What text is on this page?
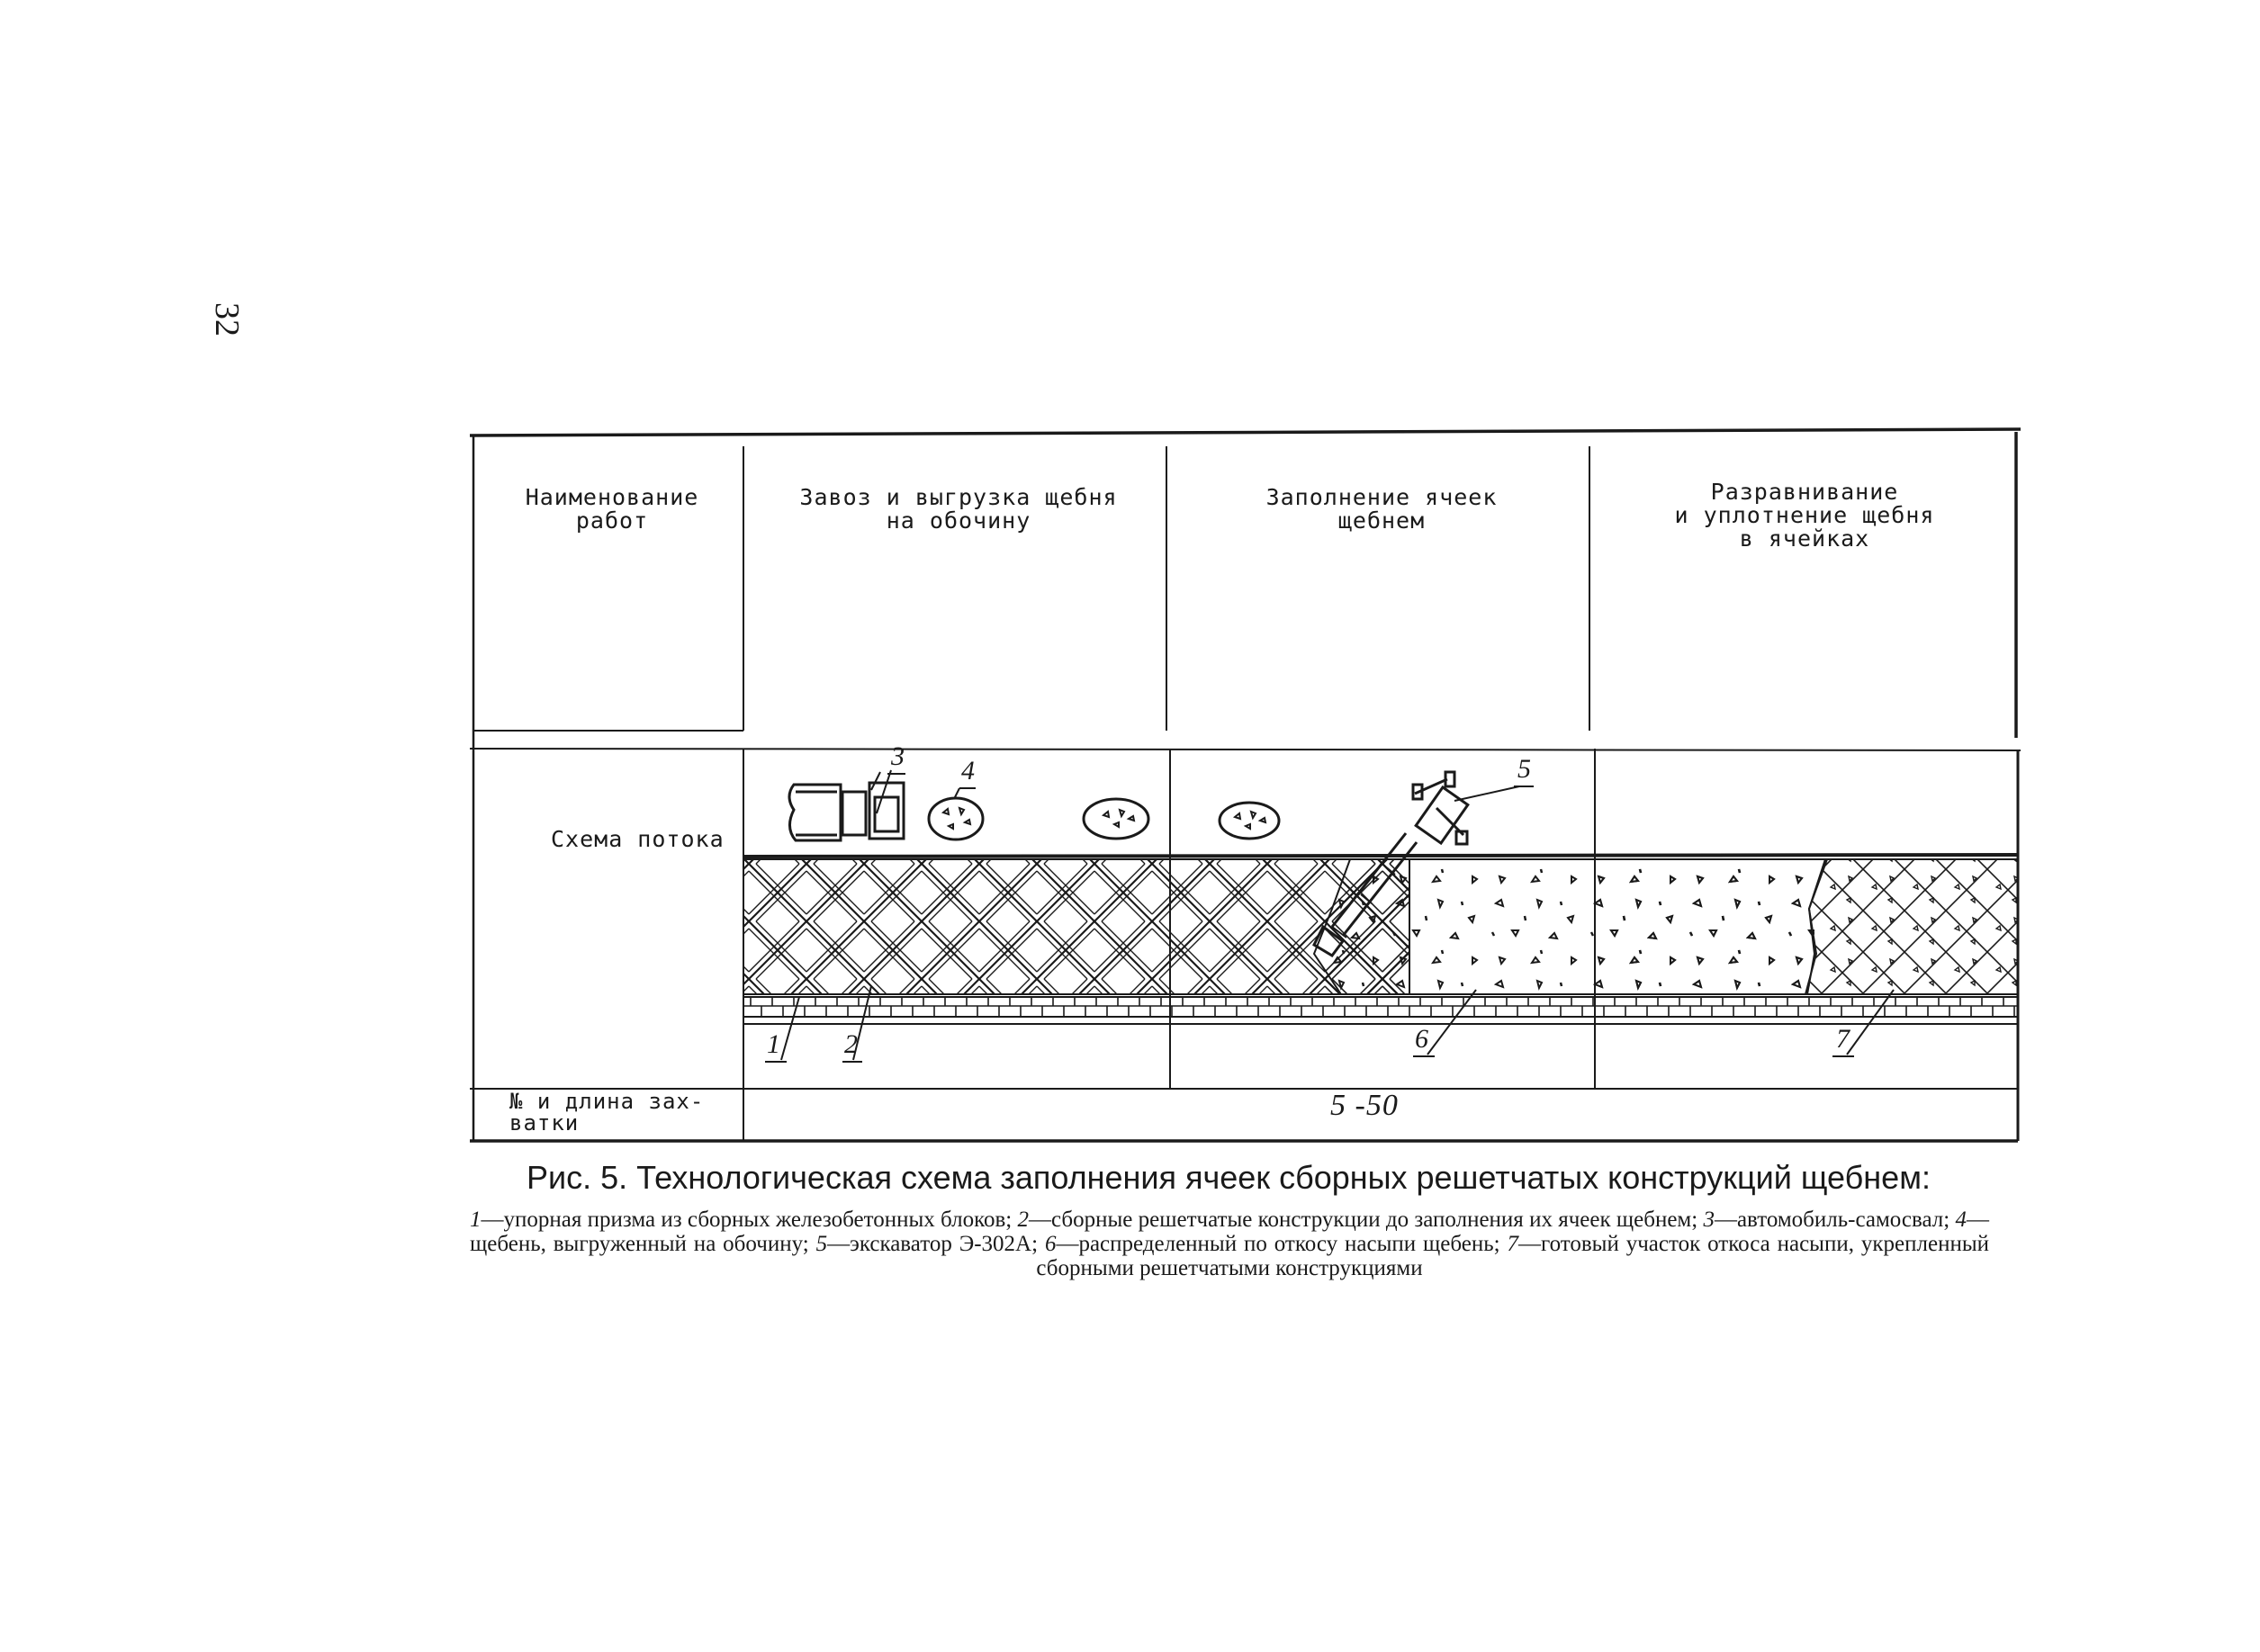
32
1 2
3 4	5
6	7
Наименование
работ
Завоз и выгрузка щебня
на обочину
Заполнение ячеек
щебнем
Разравнивание
и уплотнение щебня
в ячейках
Схема потока
№ и длина зах-
ватки
5 -50
Рис. 5. Технологическая схема заполнения ячеек сборных решетчатых конструкций щебнем:
1—упорная призма из сборных железобетонных блоков; 2—сборные решетчатые конструкции до заполнения их ячеек щебнем; 3—автомобиль-самосвал; 4—щебень, выгруженный на обочину; 5—экскаватор Э-302А; 6—распределенный по откосу насыпи щебень; 7—готовый участок откоса насыпи, укрепленный сборными решетчатыми конструкциями
